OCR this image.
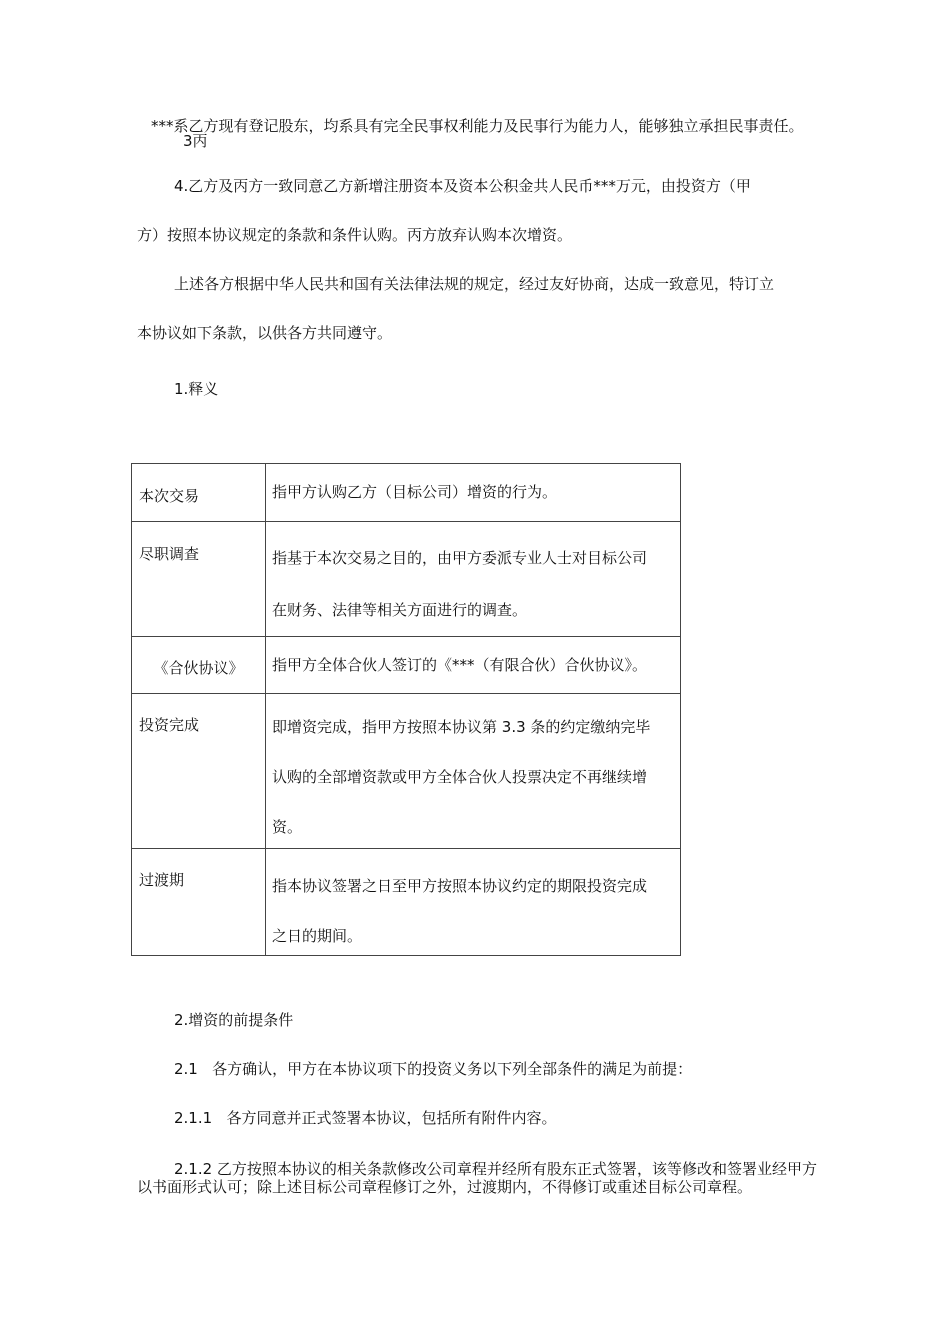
***系乙方现有登记股东，均系具有完全民事权利能力及民事行为能力人，能够独立承担民事责任。
3丙
4.乙方及丙方一致同意乙方新增注册资本及资本公积金共人民币***万元，由投资方（甲
方）按照本协议规定的条款和条件认购。丙方放弃认购本次增资。
上述各方根据中华人民共和国有关法律法规的规定，经过友好协商，达成一致意见，特订立
本协议如下条款，以供各方共同遵守。
1.释义
本次交易	指甲方认购乙方（目标公司）增资的行为。

尽职调查	指基于本次交易之目的，由甲方委派专业人士对目标公司
在财务、法律等相关方面进行的调查。

《合伙协议》	指甲方全体合伙人签订的《***（有限合伙）合伙协议》。

投资完成	即增资完成，指甲方按照本协议第 3.3 条的约定缴纳完毕
认购的全部增资款或甲方全体合伙人投票决定不再继续增
资。

过渡期	指本协议签署之日至甲方按照本协议约定的期限投资完成
之日的期间。
2.增资的前提条件
2.1   各方确认，甲方在本协议项下的投资义务以下列全部条件的满足为前提：
2.1.1   各方同意并正式签署本协议，包括所有附件内容。
2.1.2 乙方按照本协议的相关条款修改公司章程并经所有股东正式签署，该等修改和签署业经甲方以书面形式认可；除上述目标公司章程修订之外，过渡期内，不得修订或重述目标公司章程。
